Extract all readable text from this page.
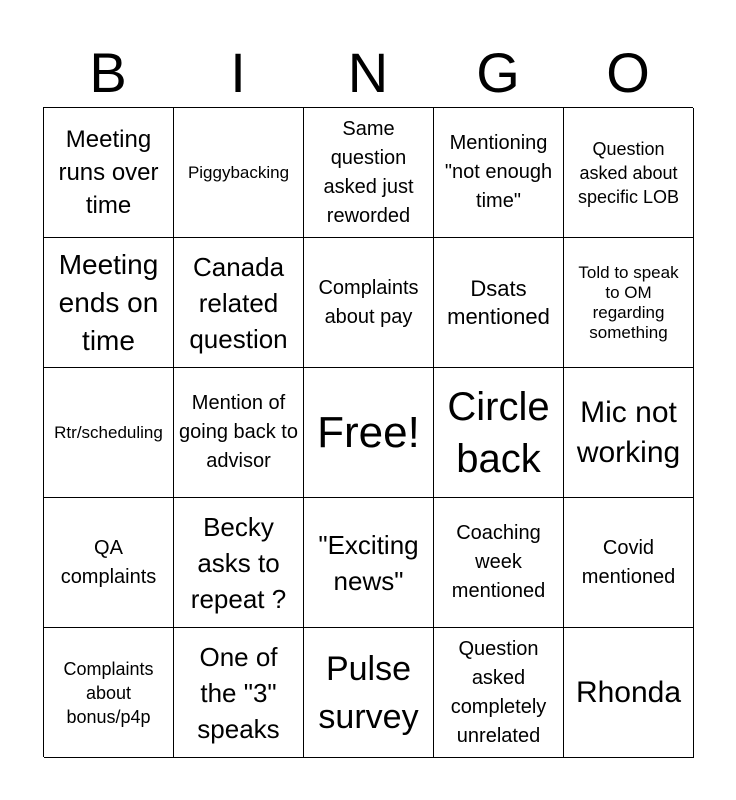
B	I	N	G	O
Meeting runs over time
Piggybacking
Same question asked just reworded
Mentioning "not enough time"
Question asked about specific LOB
Meeting ends on time
Canada related question
Complaints about pay
Dsats mentioned
Told to speak to OM regarding something
Rtr/scheduling
Mention of going back to advisor
Free!
Circle back
Mic not working
QA complaints
Becky asks to repeat ?
"Exciting news"
Coaching week mentioned
Covid mentioned
Complaints about bonus/p4p
One of the "3" speaks
Pulse survey
Question asked completely unrelated
Rhonda
